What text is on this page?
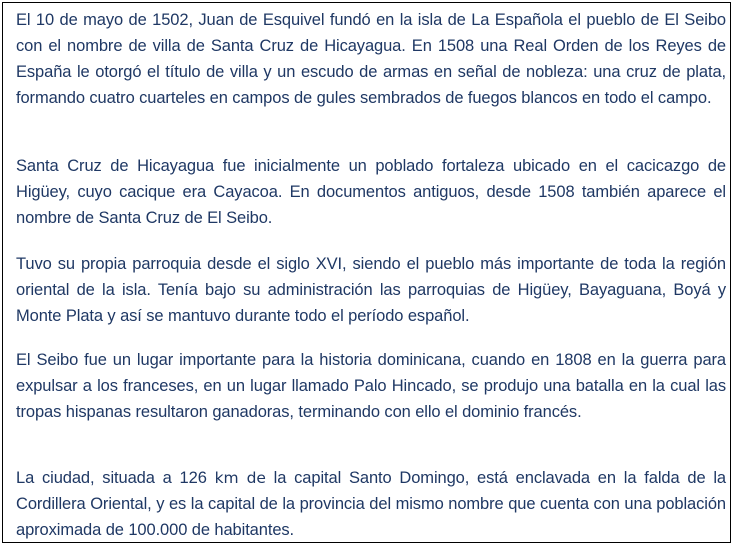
El 10 de mayo de 1502, Juan de Esquivel fundó en la isla de La Española el pueblo de El Seibo con el nombre de villa de Santa Cruz de Hicayagua. En 1508 una Real Orden de los Reyes de España le otorgó el título de villa y un escudo de armas en señal de nobleza: una cruz de plata, formando cuatro cuarteles en campos de gules sembrados de fuegos blancos en todo el campo.

Santa Cruz de Hicayagua fue inicialmente un poblado fortaleza ubicado en el cacicazgo de Higüey, cuyo cacique era Cayacoa. En documentos antiguos, desde 1508 también aparece el nombre de Santa Cruz de El Seibo.

Tuvo su propia parroquia desde el siglo XVI, siendo el pueblo más importante de toda la región oriental de la isla. Tenía bajo su administración las parroquias de Higüey, Bayaguana, Boyá y Monte Plata y así se mantuvo durante todo el período español.

El Seibo fue un lugar importante para la historia dominicana, cuando en 1808 en la guerra para expulsar a los franceses, en un lugar llamado Palo Hincado, se produjo una batalla en la cual las tropas hispanas resultaron ganadoras, terminando con ello el dominio francés.

La ciudad, situada a 126 km de la capital Santo Domingo, está enclavada en la falda de la Cordillera Oriental, y es la capital de la provincia del mismo nombre que cuenta con una población aproximada de 100.000 de habitantes.
